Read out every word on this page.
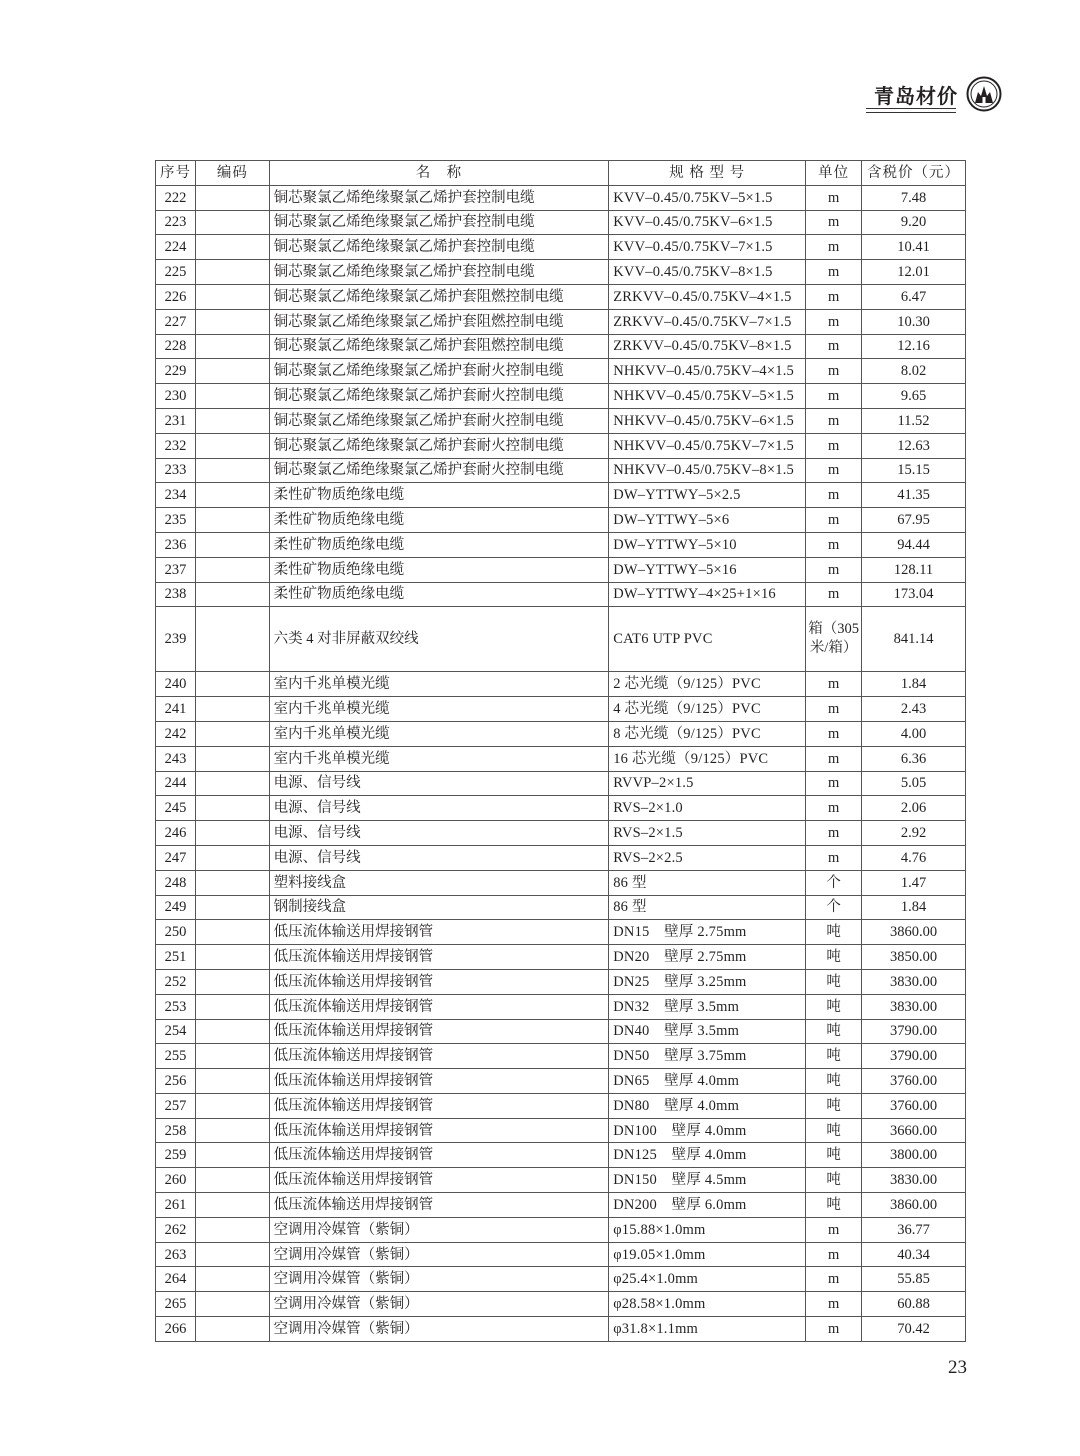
青岛材价
序号	编码	名　称	规 格 型 号	单位	含税价（元）
222		铜芯聚氯乙烯绝缘聚氯乙烯护套控制电缆	KVV–0.45/0.75KV–5×1.5	m	7.48
223		铜芯聚氯乙烯绝缘聚氯乙烯护套控制电缆	KVV–0.45/0.75KV–6×1.5	m	9.20
224		铜芯聚氯乙烯绝缘聚氯乙烯护套控制电缆	KVV–0.45/0.75KV–7×1.5	m	10.41
225		铜芯聚氯乙烯绝缘聚氯乙烯护套控制电缆	KVV–0.45/0.75KV–8×1.5	m	12.01
226		铜芯聚氯乙烯绝缘聚氯乙烯护套阻燃控制电缆	ZRKVV–0.45/0.75KV–4×1.5	m	6.47
227		铜芯聚氯乙烯绝缘聚氯乙烯护套阻燃控制电缆	ZRKVV–0.45/0.75KV–7×1.5	m	10.30
228		铜芯聚氯乙烯绝缘聚氯乙烯护套阻燃控制电缆	ZRKVV–0.45/0.75KV–8×1.5	m	12.16
229		铜芯聚氯乙烯绝缘聚氯乙烯护套耐火控制电缆	NHKVV–0.45/0.75KV–4×1.5	m	8.02
230		铜芯聚氯乙烯绝缘聚氯乙烯护套耐火控制电缆	NHKVV–0.45/0.75KV–5×1.5	m	9.65
231		铜芯聚氯乙烯绝缘聚氯乙烯护套耐火控制电缆	NHKVV–0.45/0.75KV–6×1.5	m	11.52
232		铜芯聚氯乙烯绝缘聚氯乙烯护套耐火控制电缆	NHKVV–0.45/0.75KV–7×1.5	m	12.63
233		铜芯聚氯乙烯绝缘聚氯乙烯护套耐火控制电缆	NHKVV–0.45/0.75KV–8×1.5	m	15.15
234		柔性矿物质绝缘电缆	DW–YTTWY–5×2.5	m	41.35
235		柔性矿物质绝缘电缆	DW–YTTWY–5×6	m	67.95
236		柔性矿物质绝缘电缆	DW–YTTWY–5×10	m	94.44
237		柔性矿物质绝缘电缆	DW–YTTWY–5×16	m	128.11
238		柔性矿物质绝缘电缆	DW–YTTWY–4×25+1×16	m	173.04
239		六类 4 对非屏蔽双绞线	CAT6 UTP PVC	箱（305米/箱）	841.14
240		室内千兆单模光缆	2 芯光缆（9/125）PVC	m	1.84
241		室内千兆单模光缆	4 芯光缆（9/125）PVC	m	2.43
242		室内千兆单模光缆	8 芯光缆（9/125）PVC	m	4.00
243		室内千兆单模光缆	16 芯光缆（9/125）PVC	m	6.36
244		电源、信号线	RVVP–2×1.5	m	5.05
245		电源、信号线	RVS–2×1.0	m	2.06
246		电源、信号线	RVS–2×1.5	m	2.92
247		电源、信号线	RVS–2×2.5	m	4.76
248		塑料接线盒	86 型	个	1.47
249		钢制接线盒	86 型	个	1.84
250		低压流体输送用焊接钢管	DN15　壁厚 2.75mm	吨	3860.00
251		低压流体输送用焊接钢管	DN20　壁厚 2.75mm	吨	3850.00
252		低压流体输送用焊接钢管	DN25　壁厚 3.25mm	吨	3830.00
253		低压流体输送用焊接钢管	DN32　壁厚 3.5mm	吨	3830.00
254		低压流体输送用焊接钢管	DN40　壁厚 3.5mm	吨	3790.00
255		低压流体输送用焊接钢管	DN50　壁厚 3.75mm	吨	3790.00
256		低压流体输送用焊接钢管	DN65　壁厚 4.0mm	吨	3760.00
257		低压流体输送用焊接钢管	DN80　壁厚 4.0mm	吨	3760.00
258		低压流体输送用焊接钢管	DN100　壁厚 4.0mm	吨	3660.00
259		低压流体输送用焊接钢管	DN125　壁厚 4.0mm	吨	3800.00
260		低压流体输送用焊接钢管	DN150　壁厚 4.5mm	吨	3830.00
261		低压流体输送用焊接钢管	DN200　壁厚 6.0mm	吨	3860.00
262		空调用冷媒管（紫铜）	φ15.88×1.0mm	m	36.77
263		空调用冷媒管（紫铜）	φ19.05×1.0mm	m	40.34
264		空调用冷媒管（紫铜）	φ25.4×1.0mm	m	55.85
265		空调用冷媒管（紫铜）	φ28.58×1.0mm	m	60.88
266		空调用冷媒管（紫铜）	φ31.8×1.1mm	m	70.42
23
